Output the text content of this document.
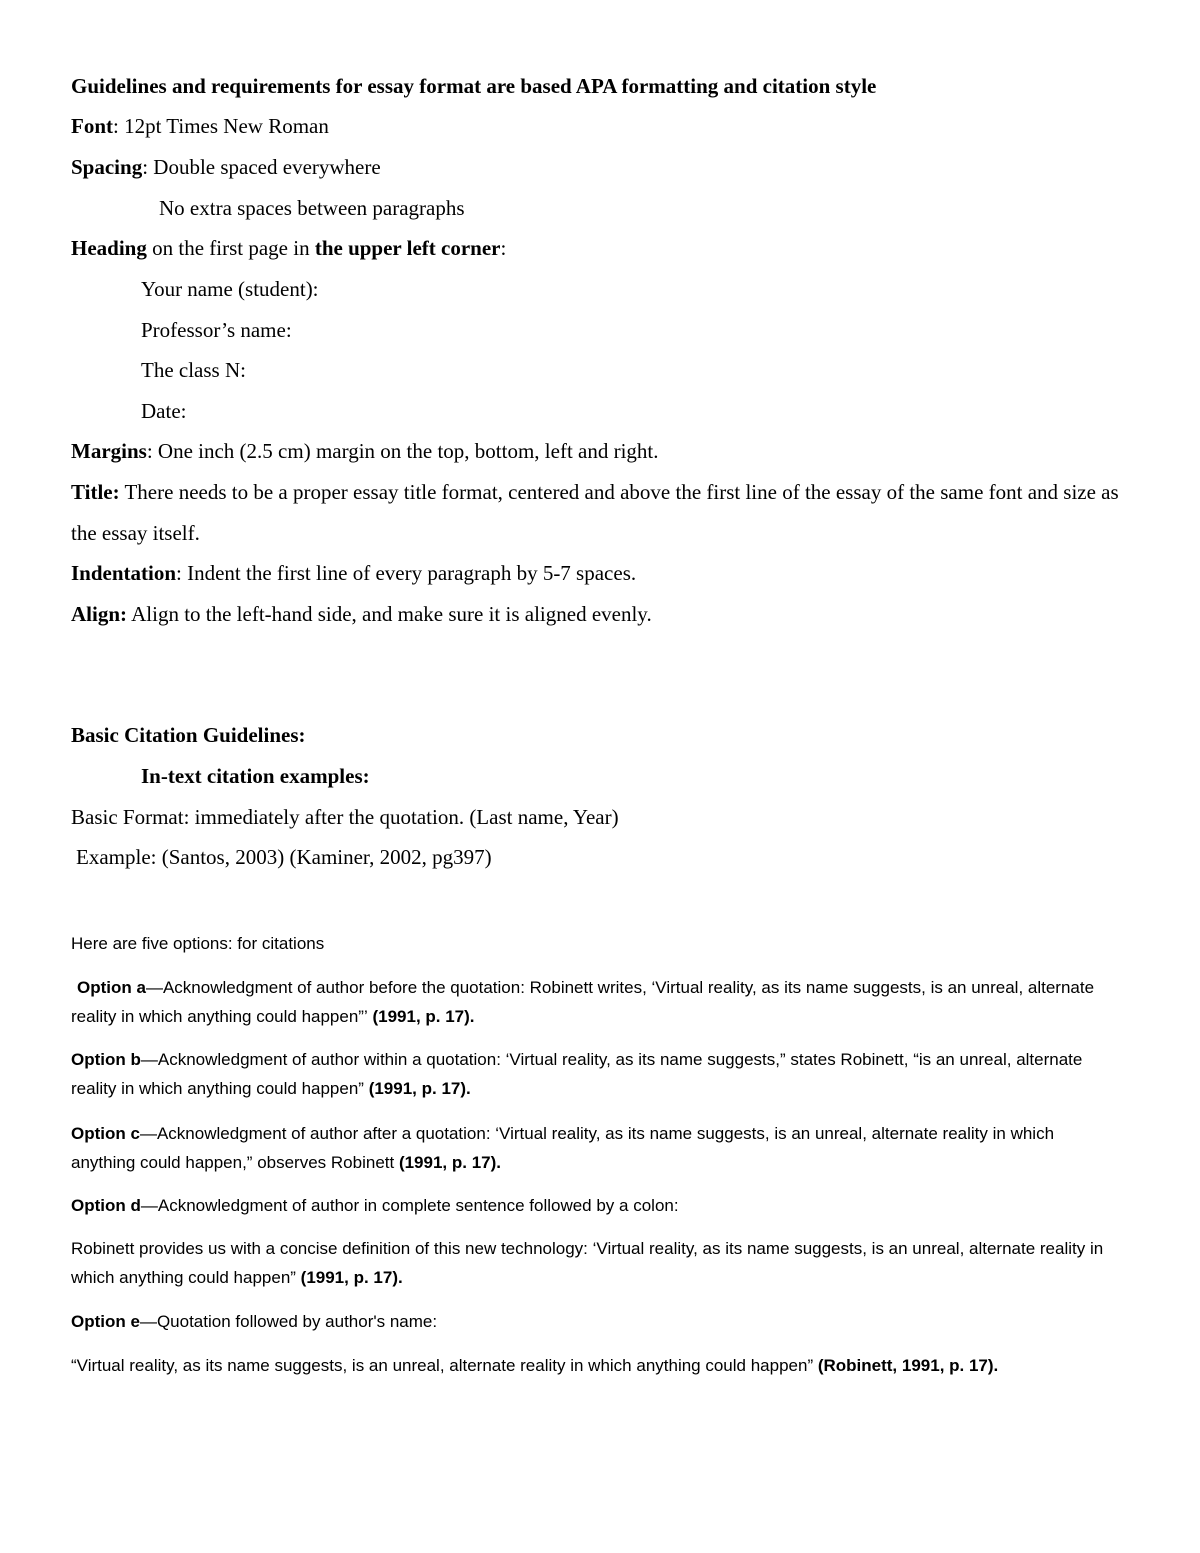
Guidelines and requirements for essay format are based APA formatting and citation style
Font: 12pt Times New Roman
Spacing: Double spaced everywhere
No extra spaces between paragraphs
Heading on the first page in the upper left corner:
Your name (student):
Professor’s name:
The class N:
Date:
Margins: One inch (2.5 cm) margin on the top, bottom, left and right.
Title: There needs to be a proper essay title format, centered and above the first line of the essay of the same font and size as the essay itself.
Indentation: Indent the first line of every paragraph by 5-7 spaces.
Align: Align to the left-hand side, and make sure it is aligned evenly.
Basic Citation Guidelines:
In-text citation examples:
Basic Format: immediately after the quotation. (Last name, Year)
Example: (Santos, 2003) (Kaminer, 2002, pg397)
Here are five options: for citations
Option a—Acknowledgment of author before the quotation: Robinett writes, ‘Virtual reality, as its name suggests, is an unreal, alternate reality in which anything could happen”’ (1991, p. 17).
Option b—Acknowledgment of author within a quotation: ‘Virtual reality, as its name suggests,” states Robinett, “is an unreal, alternate reality in which anything could happen” (1991, p. 17).
Option c—Acknowledgment of author after a quotation: ‘Virtual reality, as its name suggests, is an unreal, alternate reality in which anything could happen,” observes Robinett (1991, p. 17).
Option d—Acknowledgment of author in complete sentence followed by a colon:
Robinett provides us with a concise definition of this new technology: ‘Virtual reality, as its name suggests, is an unreal, alternate reality in which anything could happen” (1991, p. 17).
Option e—Quotation followed by author's name:
“Virtual reality, as its name suggests, is an unreal, alternate reality in which anything could happen” (Robinett, 1991, p. 17).
